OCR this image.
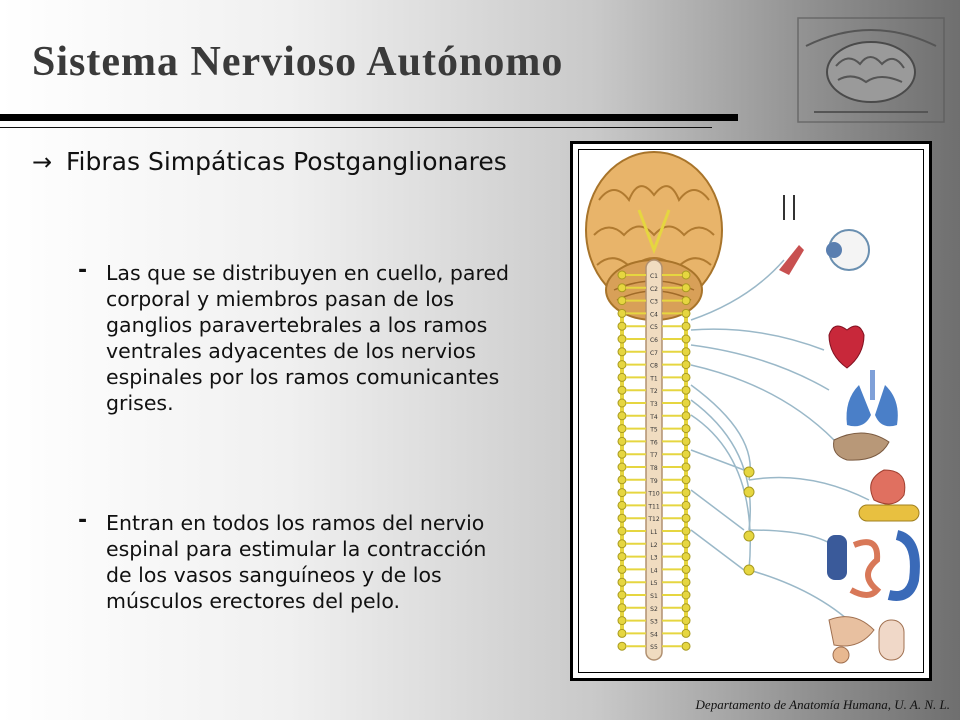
Sistema Nervioso Autónomo
→ Fibras Simpáticas Postganglionares
- Las que se distribuyen en cuello, pared corporal y miembros pasan de los ganglios paravertebrales a los ramos ventrales adyacentes de los nervios espinales por los ramos comunicantes grises.
- Entran en todos los ramos del nervio espinal para estimular la contracción de los vasos sanguíneos y de los músculos erectores del pelo.
C1
C2
C3
C4
C5
C6
C7
C8
T1
T2
T3
T4
T5
T6
T7
T8
T9
T10
T11
T12
L1
L2
L3
L4
L5
S1
S2
S3
S4
S5
Departamento de Anatomía Humana, U. A. N. L.
